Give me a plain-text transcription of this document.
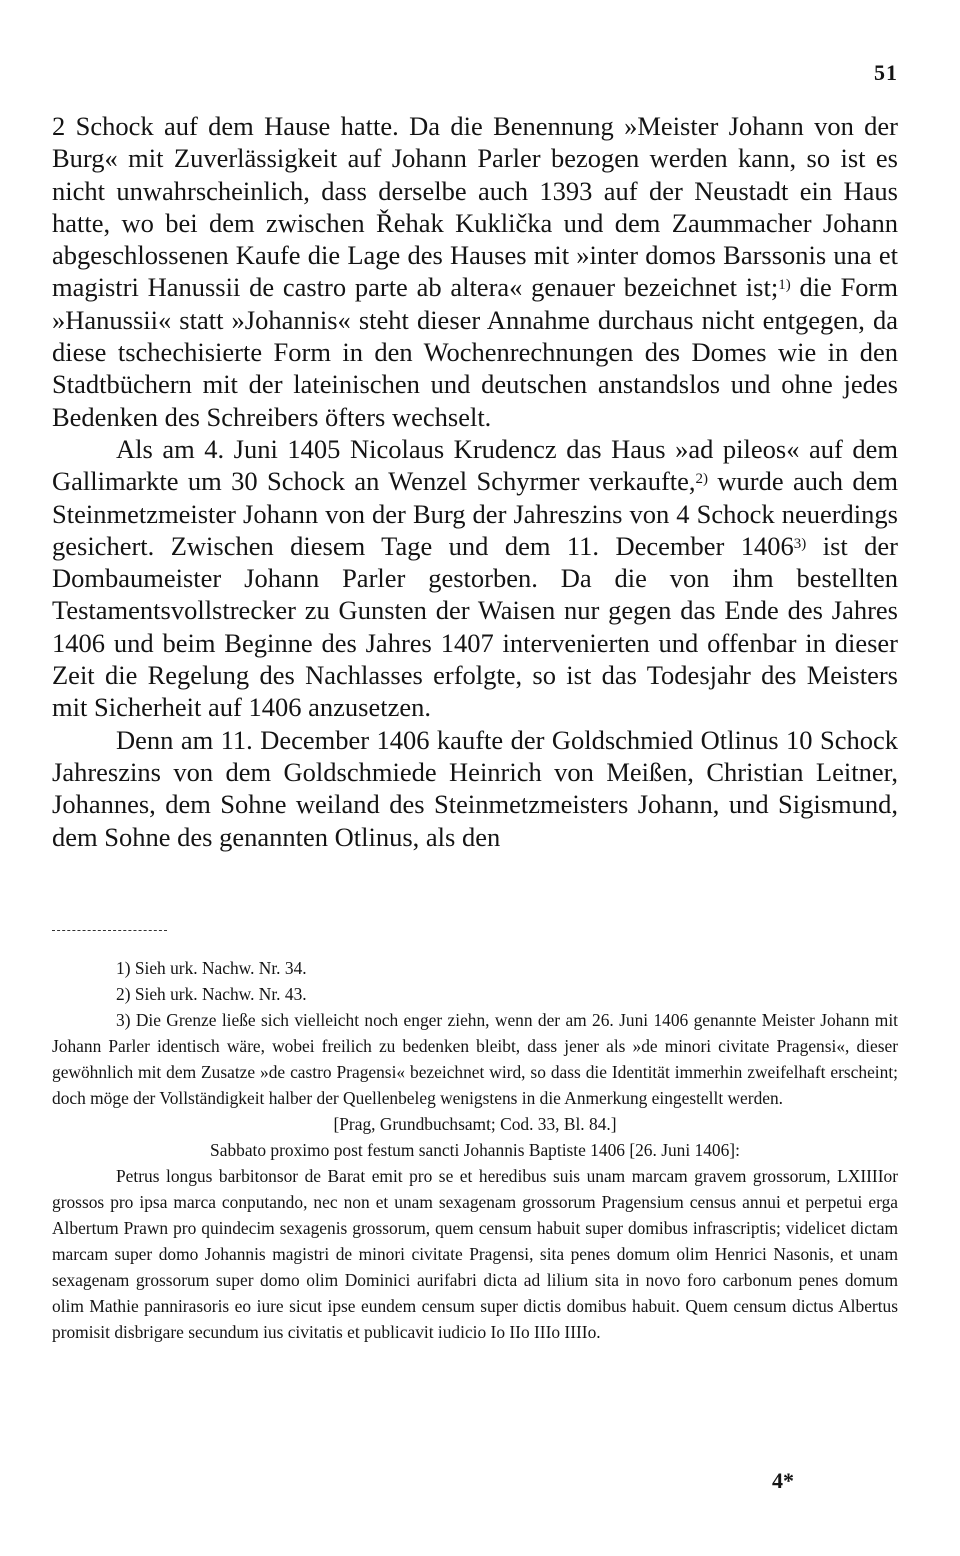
51

2 Schock auf dem Hause hatte. Da die Benennung »Meister Johann von der Burg« mit Zuverlässigkeit auf Johann Parler bezogen werden kann, so ist es nicht unwahrscheinlich, dass derselbe auch 1393 auf der Neustadt ein Haus hatte, wo bei dem zwischen Řehak Kuklička und dem Zaummacher Johann abgeschlossenen Kaufe die Lage des Hauses mit »inter domos Barssonis una et magistri Hanussii de castro parte ab altera« genauer bezeichnet ist;$^{1)}$ die Form »Hanussii« statt »Johannis« steht dieser Annahme durchaus nicht entgegen, da diese tschechisierte Form in den Wochenrechnungen des Domes wie in den Stadtbüchern mit der lateinischen und deutschen anstandslos und ohne jedes Bedenken des Schreibers öfters wechselt.

Als am 4. Juni 1405 Nicolaus Krudencz das Haus »ad pileos« auf dem Gallimarkte um 30 Schock an Wenzel Schyrmer verkaufte,$^{2)}$ wurde auch dem Steinmetzmeister Johann von der Burg der Jahreszins von 4 Schock neuerdings gesichert. Zwischen diesem Tage und dem 11. December 1406$^{3)}$ ist der Dombaumeister Johann Parler gestorben. Da die von ihm bestellten Testamentsvollstrecker zu Gunsten der Waisen nur gegen das Ende des Jahres 1406 und beim Beginne des Jahres 1407 intervenierten und offenbar in dieser Zeit die Regelung des Nachlasses erfolgte, so ist das Todesjahr des Meisters mit Sicherheit auf 1406 anzusetzen.

Denn am 11. December 1406 kaufte der Goldschmied Otlinus 10 Schock Jahreszins von dem Goldschmiede Heinrich von Meißen, Christian Leitner, Johannes, dem Sohne weiland des Steinmetzmeisters Johann, und Sigismund, dem Sohne des genannten Otlinus, als den

1) Sieh urk. Nachw. Nr. 34.

2) Sieh urk. Nachw. Nr. 43.

3) Die Grenze ließe sich vielleicht noch enger ziehn, wenn der am 26. Juni 1406 genannte Meister Johann mit Johann Parler identisch wäre, wobei freilich zu bedenken bleibt, dass jener als »de minori civitate Pragensi«, dieser gewöhnlich mit dem Zusatze »de castro Pragensi« bezeichnet wird, so dass die Identität immerhin zweifelhaft erscheint; doch möge der Vollständigkeit halber der Quellenbeleg wenigstens in die Anmerkung eingestellt werden.

[Prag, Grundbuchsamt; Cod. 33, Bl. 84.]

Sabbato proximo post festum sancti Johannis Baptiste 1406 [26. Juni 1406]:

Petrus longus barbitonsor de Barat emit pro se et heredibus suis unam marcam gravem grossorum, LXIIIIor grossos pro ipsa marca conputando, nec non et unam sexagenam grossorum Pragensium census annui et perpetui erga Albertum Prawn pro quindecim sexagenis grossorum, quem censum habuit super domibus infrascriptis; videlicet dictam marcam super domo Johannis magistri de minori civitate Pragensi, sita penes domum olim Henrici Nasonis, et unam sexagenam grossorum super domo olim Dominici aurifabri dicta ad lilium sita in novo foro carbonum penes domum olim Mathie pannirasoris eo iure sicut ipse eundem censum super dictis domibus habuit. Quem censum dictus Albertus promisit disbrigare secundum ius civitatis et publicavit iudicio Io IIo IIIo IIIIo.

4*
